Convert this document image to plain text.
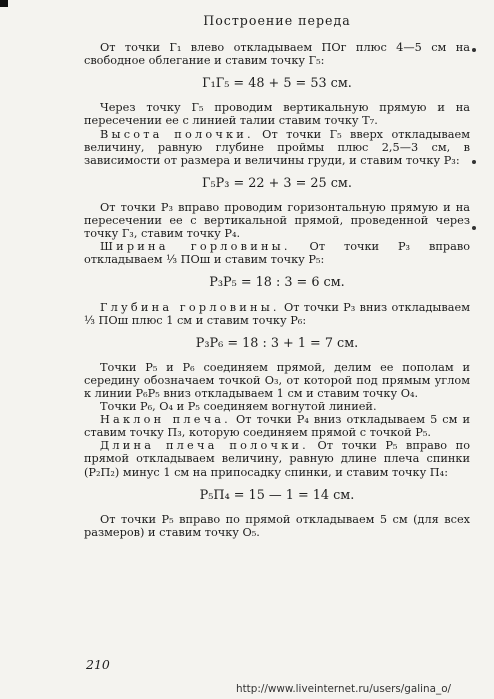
Построение переда

От точки Г₁ влево откладываем ПОг плюс 4—5 см на свободное облегание и ставим точку Г₅:

Г₁Г₅ = 48 + 5 = 53 см.

Через точку Г₅ проводим вертикальную прямую и на пересечении ее с линией талии ставим точку Т₇.

Высота полочки. От точки Г₅ вверх откладываем величину, равную глубине проймы плюс 2,5—3 см, в зависимости от размера и величины груди, и ставим точку Р₃:

Г₅Р₃ = 22 + 3 = 25 см.

От точки Р₃ вправо проводим горизонтальную прямую и на пересечении ее с вертикальной прямой, проведенной через точку Г₃, ставим точку Р₄.

Ширина горловины. От точки Р₃ вправо откладываем ⅓ ПОш и ставим точку Р₅:

Р₃Р₅ = 18 : 3 = 6 см.

Глубина горловины. От точки Р₃ вниз откладываем ⅓ ПОш плюс 1 см и ставим точку Р₆:

Р₃Р₆ = 18 : 3 + 1 = 7 см.

Точки Р₅ и Р₆ соединяем прямой, делим ее пополам и середину обозначаем точкой О₃, от которой под прямым углом к линии Р₆Р₅ вниз откладываем 1 см и ставим точку О₄.

Точки Р₆, О₄ и Р₅ соединяем вогнутой линией.

Наклон плеча. От точки Р₄ вниз откладываем 5 см и ставим точку П₃, которую соединяем прямой с точкой Р₅.

Длина плеча полочки. От точки Р₅ вправо по прямой откладываем величину, равную длине плеча спинки (Р₂П₂) минус 1 см на припосадку спинки, и ставим точку П₄:

Р₅П₄ = 15 — 1 = 14 см.

От точки Р₅ вправо по прямой откладываем 5 см (для всех размеров) и ставим точку О₅.

210
http://www.liveinternet.ru/users/galina_o/
